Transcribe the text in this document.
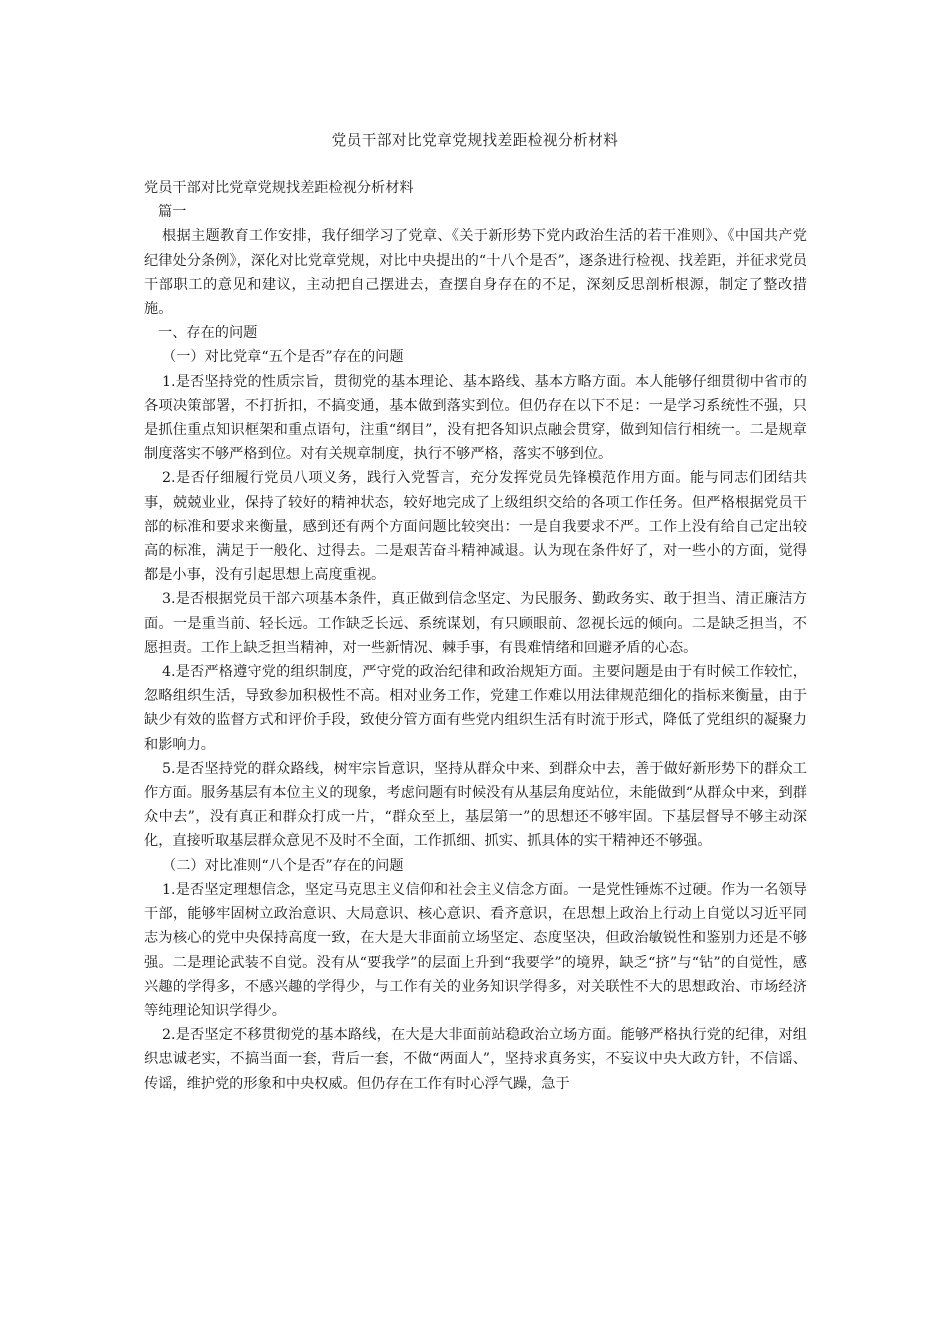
党员干部对比党章党规找差距检视分析材料

党员干部对比党章党规找差距检视分析材料

篇一

根据主题教育工作安排，我仔细学习了党章、《关于新形势下党内政治生活的若干准则》、《中国共产党纪律处分条例》，深化对比党章党规，对比中央提出的“十八个是否”，逐条进行检视、找差距，并征求党员干部职工的意见和建议，主动把自己摆进去，查摆自身存在的不足，深刻反思剖析根源，制定了整改措施。

一、存在的问题

（一）对比党章“五个是否”存在的问题

1.是否坚持党的性质宗旨，贯彻党的基本理论、基本路线、基本方略方面。本人能够仔细贯彻中省市的各项决策部署，不打折扣，不搞变通，基本做到落实到位。但仍存在以下不足：一是学习系统性不强，只是抓住重点知识框架和重点语句，注重“纲目”，没有把各知识点融会贯穿，做到知信行相统一。二是规章制度落实不够严格到位。对有关规章制度，执行不够严格，落实不够到位。

2.是否仔细履行党员八项义务，践行入党誓言，充分发挥党员先锋模范作用方面。能与同志们团结共事，兢兢业业，保持了较好的精神状态，较好地完成了上级组织交给的各项工作任务。但严格根据党员干部的标准和要求来衡量，感到还有两个方面问题比较突出：一是自我要求不严。工作上没有给自己定出较高的标准，满足于一般化、过得去。二是艰苦奋斗精神减退。认为现在条件好了，对一些小的方面，觉得都是小事，没有引起思想上高度重视。

3.是否根据党员干部六项基本条件，真正做到信念坚定、为民服务、勤政务实、敢于担当、清正廉洁方面。一是重当前、轻长远。工作缺乏长远、系统谋划，有只顾眼前、忽视长远的倾向。二是缺乏担当，不愿担责。工作上缺乏担当精神，对一些新情况、棘手事，有畏难情绪和回避矛盾的心态。

4.是否严格遵守党的组织制度，严守党的政治纪律和政治规矩方面。主要问题是由于有时候工作较忙，忽略组织生活，导致参加积极性不高。相对业务工作，党建工作难以用法律规范细化的指标来衡量，由于缺少有效的监督方式和评价手段，致使分管方面有些党内组织生活有时流于形式，降低了党组织的凝聚力和影响力。

5.是否坚持党的群众路线，树牢宗旨意识，坚持从群众中来、到群众中去，善于做好新形势下的群众工作方面。服务基层有本位主义的现象，考虑问题有时候没有从基层角度站位，未能做到“从群众中来，到群众中去”，没有真正和群众打成一片，“群众至上，基层第一”的思想还不够牢固。下基层督导不够主动深化，直接听取基层群众意见不及时不全面，工作抓细、抓实、抓具体的实干精神还不够强。

（二）对比准则“八个是否”存在的问题

1.是否坚定理想信念，坚定马克思主义信仰和社会主义信念方面。一是党性锤炼不过硬。作为一名领导干部，能够牢固树立政治意识、大局意识、核心意识、看齐意识，在思想上政治上行动上自觉以习近平同志为核心的党中央保持高度一致，在大是大非面前立场坚定、态度坚决，但政治敏锐性和鉴别力还是不够强。二是理论武装不自觉。没有从“要我学”的层面上升到“我要学”的境界，缺乏“挤”与“钻”的自觉性，感兴趣的学得多，不感兴趣的学得少，与工作有关的业务知识学得多，对关联性不大的思想政治、市场经济等纯理论知识学得少。

2.是否坚定不移贯彻党的基本路线，在大是大非面前站稳政治立场方面。能够严格执行党的纪律，对组织忠诚老实，不搞当面一套，背后一套，不做“两面人”，坚持求真务实，不妄议中央大政方针，不信谣、传谣，维护党的形象和中央权威。但仍存在工作有时心浮气躁，急于
